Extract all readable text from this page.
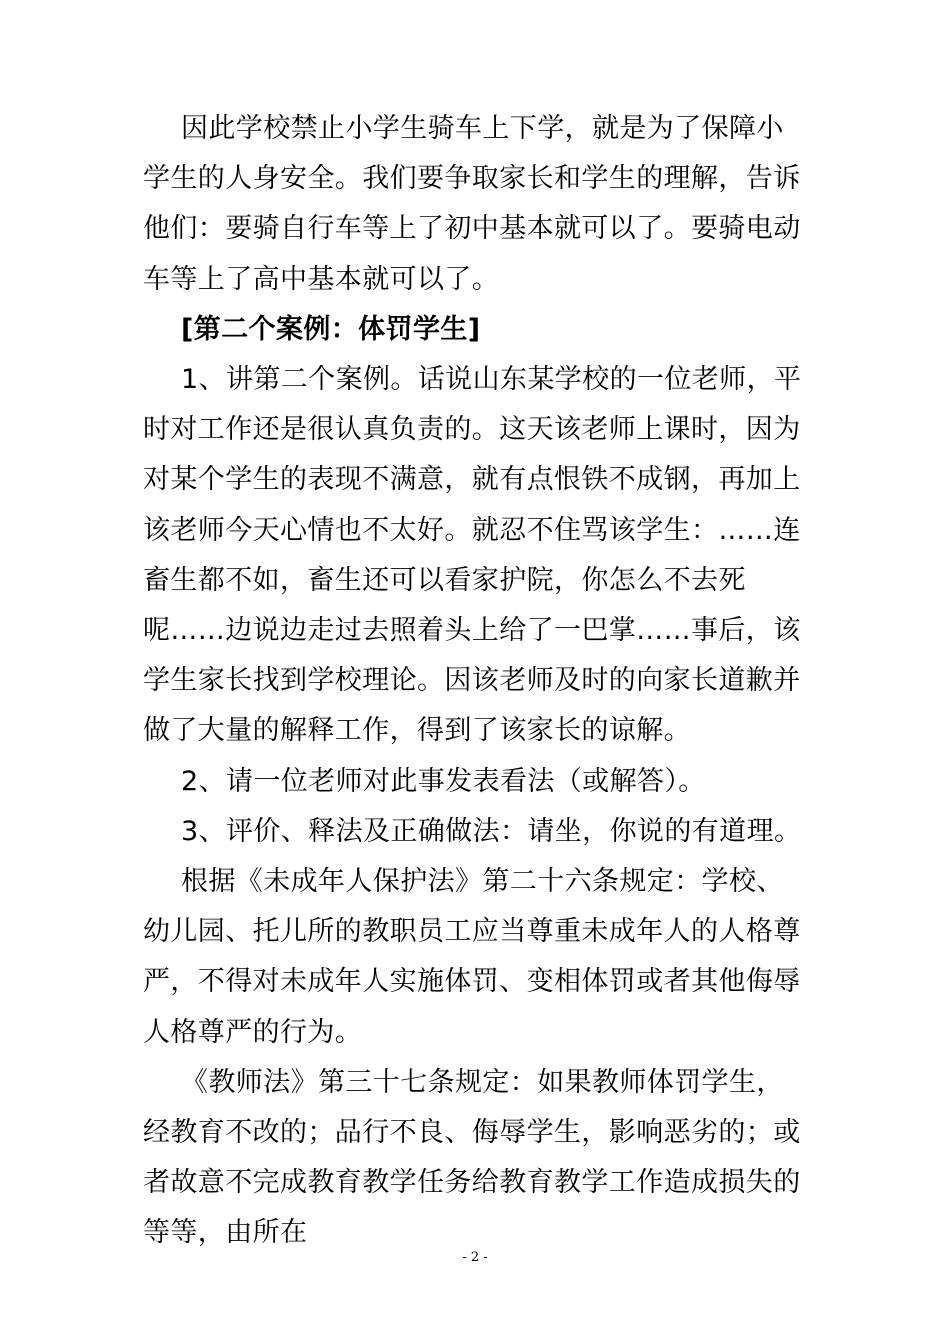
因此学校禁止小学生骑车上下学，就是为了保障小学生的人身安全。我们要争取家长和学生的理解，告诉他们：要骑自行车等上了初中基本就可以了。要骑电动车等上了高中基本就可以了。

[第二个案例：体罚学生]

1、讲第二个案例。话说山东某学校的一位老师，平时对工作还是很认真负责的。这天该老师上课时，因为对某个学生的表现不满意，就有点恨铁不成钢，再加上该老师今天心情也不太好。就忍不住骂该学生：……连畜生都不如，畜生还可以看家护院，你怎么不去死呢……边说边走过去照着头上给了一巴掌……事后，该学生家长找到学校理论。因该老师及时的向家长道歉并做了大量的解释工作，得到了该家长的谅解。

2、请一位老师对此事发表看法（或解答）。

3、评价、释法及正确做法：请坐，你说的有道理。

根据《未成年人保护法》第二十六条规定：学校、幼儿园、托儿所的教职员工应当尊重未成年人的人格尊严，不得对未成年人实施体罚、变相体罚或者其他侮辱人格尊严的行为。

《教师法》第三十七条规定：如果教师体罚学生，经教育不改的；品行不良、侮辱学生，影响恶劣的；或者故意不完成教育教学任务给教育教学工作造成损失的等等，由所在

- 2 -
